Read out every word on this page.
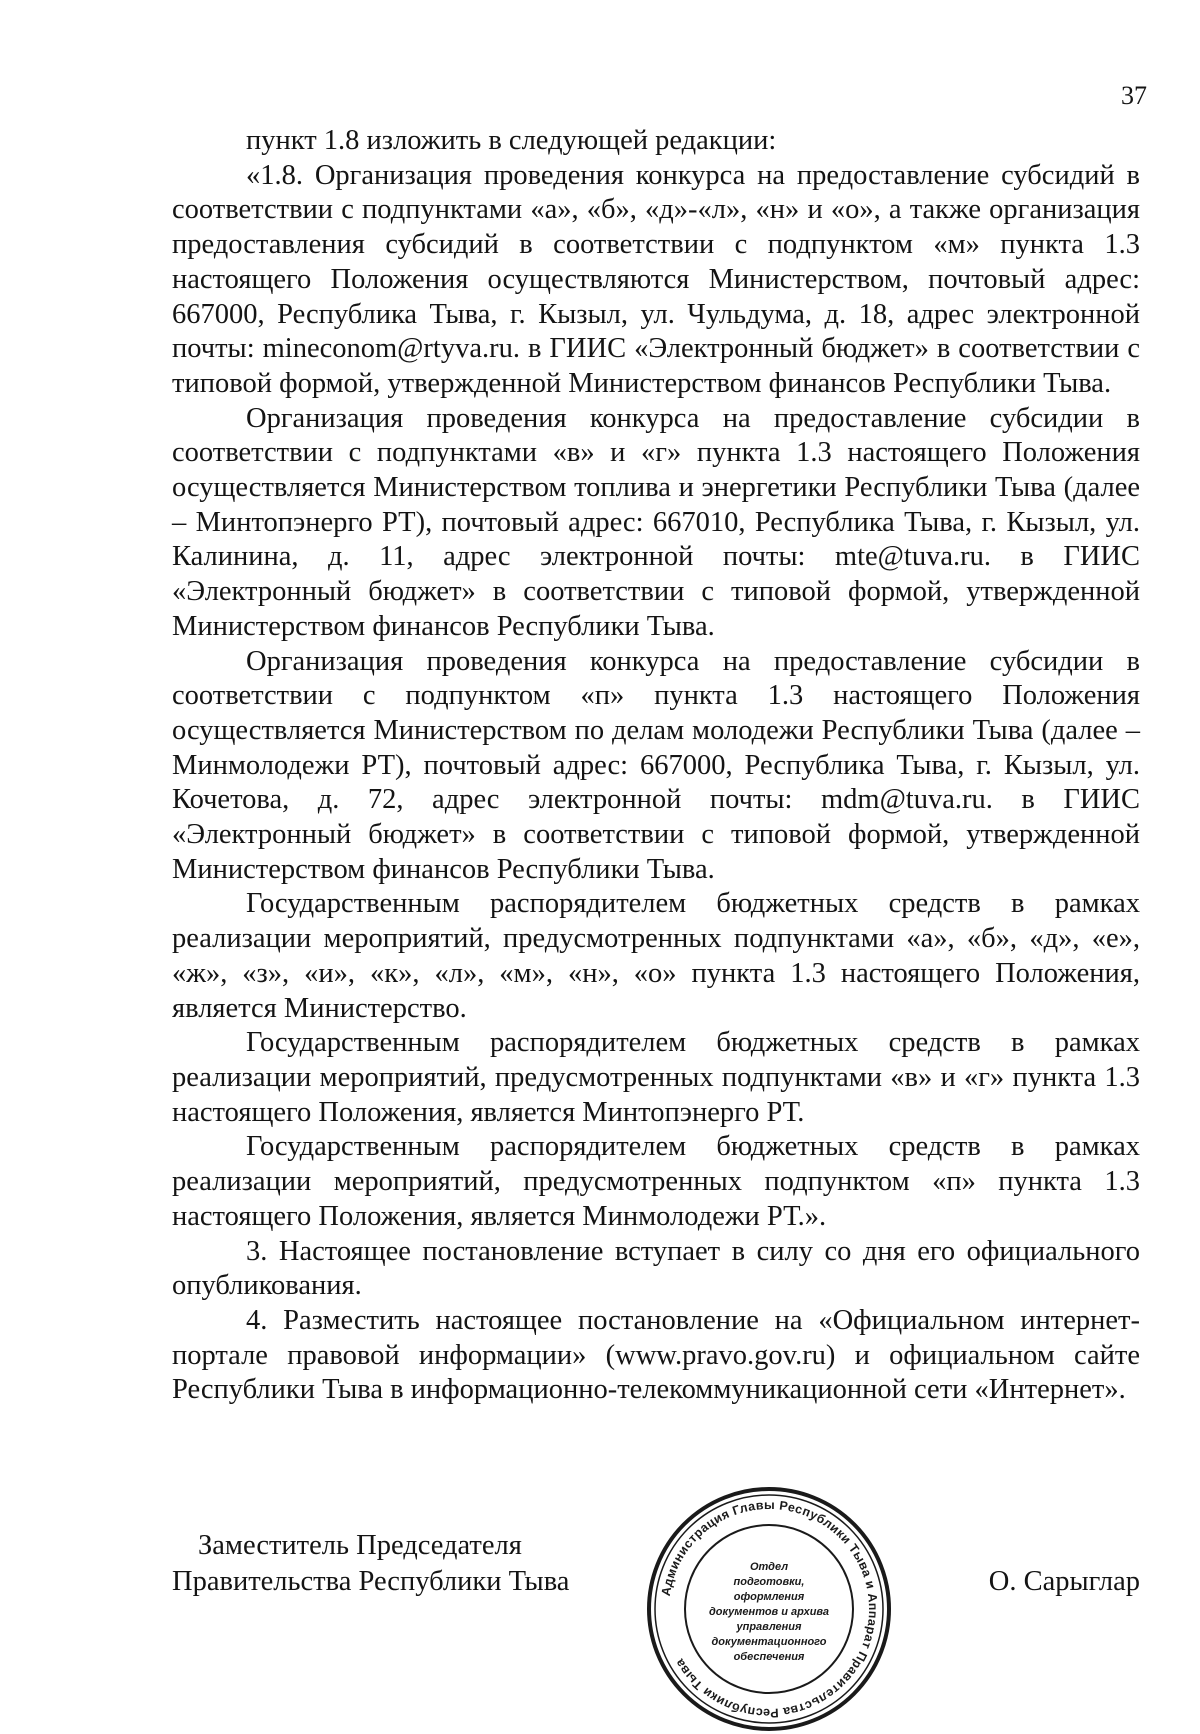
37

пункт 1.8 изложить в следующей редакции:

«1.8. Организация проведения конкурса на предоставление субсидий в соответствии с подпунктами «а», «б», «д»-«л», «н» и «о», а также организация предоставления субсидий в соответствии с подпунктом «м» пункта 1.3 настоящего Положения осуществляются Министерством, почтовый адрес: 667000, Республика Тыва, г. Кызыл, ул. Чульдума, д. 18, адрес электронной почты: mineconom@rtyva.ru. в ГИИС «Электронный бюджет» в соответствии с типовой формой, утвержденной Министерством финансов Республики Тыва.

Организация проведения конкурса на предоставление субсидии в соответствии с подпунктами «в» и «г» пункта 1.3 настоящего Положения осуществляется Министерством топлива и энергетики Республики Тыва (далее – Минтопэнерго РТ), почтовый адрес: 667010, Республика Тыва, г. Кызыл, ул. Калинина, д. 11, адрес электронной почты: mte@tuva.ru. в ГИИС «Электронный бюджет» в соответствии с типовой формой, утвержденной Министерством финансов Республики Тыва.

Организация проведения конкурса на предоставление субсидии в соответствии с подпунктом «п» пункта 1.3 настоящего Положения осуществляется Министерством по делам молодежи Республики Тыва (далее – Минмолодежи РТ), почтовый адрес: 667000, Республика Тыва, г. Кызыл, ул. Кочетова, д. 72, адрес электронной почты: mdm@tuva.ru. в ГИИС «Электронный бюджет» в соответствии с типовой формой, утвержденной Министерством финансов Республики Тыва.

Государственным распорядителем бюджетных средств в рамках реализации мероприятий, предусмотренных подпунктами «а», «б», «д», «е», «ж», «з», «и», «к», «л», «м», «н», «о» пункта 1.3 настоящего Положения, является Министерство.

Государственным распорядителем бюджетных средств в рамках реализации мероприятий, предусмотренных подпунктами «в» и «г» пункта 1.3 настоящего Положения, является Минтопэнерго РТ.

Государственным распорядителем бюджетных средств в рамках реализации мероприятий, предусмотренных подпунктом «п» пункта 1.3 настоящего Положения, является Минмолодежи РТ.».

3. Настоящее постановление вступает в силу со дня его официального опубликования.

4. Разместить настоящее постановление на «Официальном интернет-портале правовой информации» (www.pravo.gov.ru) и официальном сайте Республики Тыва в информационно-телекоммуникационной сети «Интернет».

Заместитель Председателя
Правительства Республики Тыва	Администрация Главы Республики Тыва и Аппарат Правительства Республики Тыва
Отдел
подготовки,
оформления
документов и архива
управления
документационного
обеспечения
О. Сарыглар
